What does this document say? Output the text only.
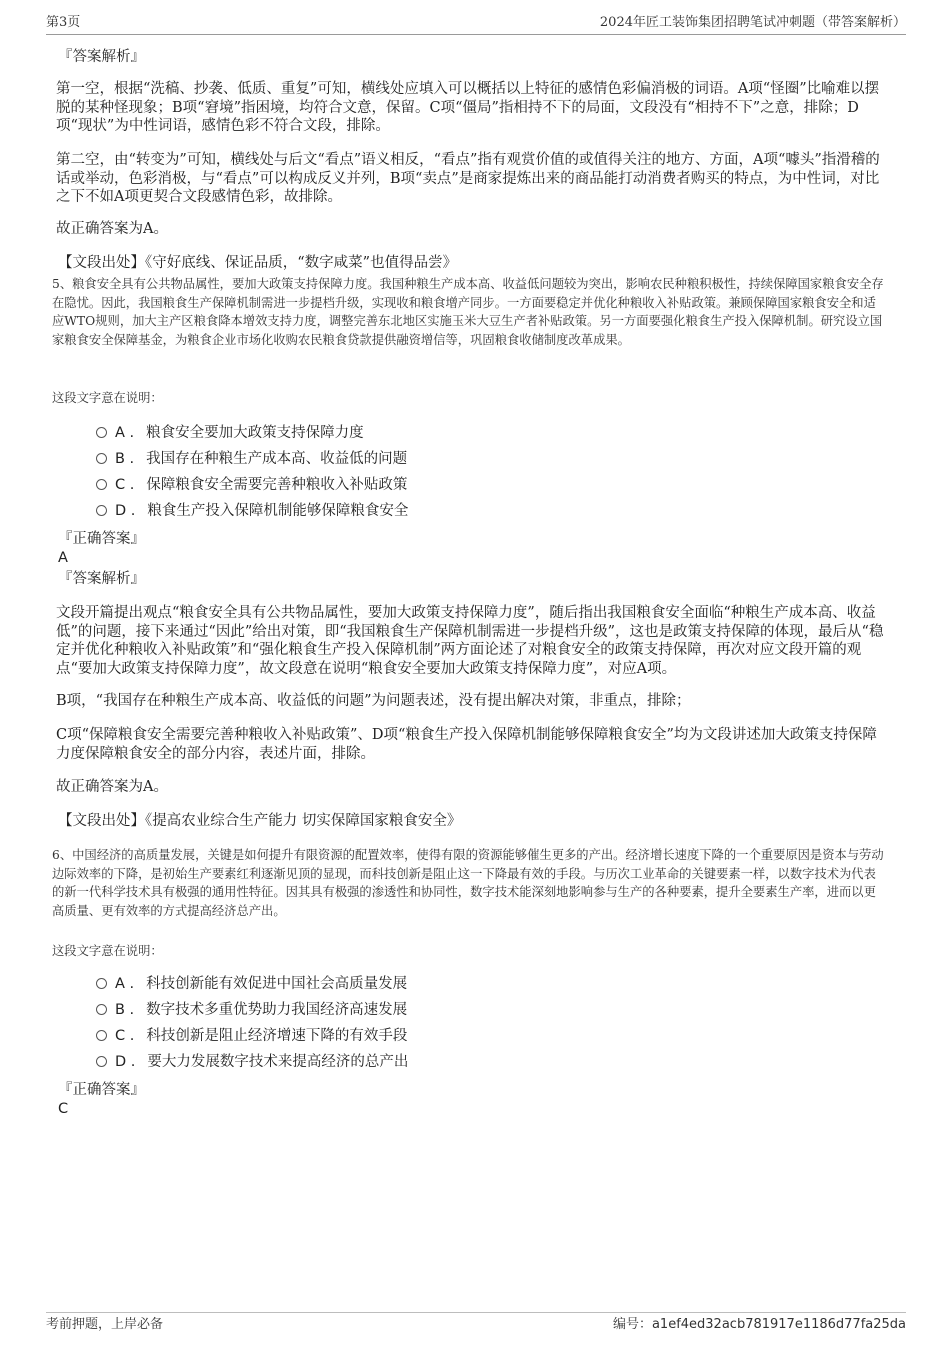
第3页	2024年匠工装饰集团招聘笔试冲刺题（带答案解析）
『答案解析』
第一空，根据“洗稿、抄袭、低质、重复”可知，横线处应填入可以概括以上特征的感情色彩偏消极的词语。A项“怪圈”比喻难以摆脱的某种怪现象；B项“窘境”指困境，均符合文意，保留。C项“僵局”指相持不下的局面，文段没有“相持不下”之意，排除；D项“现状”为中性词语，感情色彩不符合文段，排除。
第二空，由“转变为”可知，横线处与后文“看点”语义相反，“看点”指有观赏价值的或值得关注的地方、方面，A项“噱头”指滑稽的话或举动，色彩消极，与“看点”可以构成反义并列，B项“卖点”是商家提炼出来的商品能打动消费者购买的特点，为中性词，对比之下不如A项更契合文段感情色彩，故排除。
故正确答案为A。
【文段出处】《守好底线、保证品质，“数字咸菜”也值得品尝》
5、粮食安全具有公共物品属性，要加大政策支持保障力度。我国种粮生产成本高、收益低问题较为突出，影响农民种粮积极性，持续保障国家粮食安全存在隐忧。因此，我国粮食生产保障机制需进一步提档升级，实现收和粮食增产同步。一方面要稳定并优化种粮收入补贴政策。兼顾保障国家粮食安全和适应WTO规则，加大主产区粮食降本增效支持力度，调整完善东北地区实施玉米大豆生产者补贴政策。另一方面要强化粮食生产投入保障机制。研究设立国家粮食安全保障基金，为粮食企业市场化收购农民粮食贷款提供融资增信等，巩固粮食收储制度改革成果。
这段文字意在说明：
A . 粮食安全要加大政策支持保障力度
B . 我国存在种粮生产成本高、收益低的问题
C . 保障粮食安全需要完善种粮收入补贴政策
D . 粮食生产投入保障机制能够保障粮食安全
『正确答案』
A
『答案解析』
文段开篇提出观点“粮食安全具有公共物品属性，要加大政策支持保障力度”，随后指出我国粮食安全面临“种粮生产成本高、收益低”的问题，接下来通过“因此”给出对策，即“我国粮食生产保障机制需进一步提档升级”，这也是政策支持保障的体现，最后从“稳定并优化种粮收入补贴政策”和“强化粮食生产投入保障机制”两方面论述了对粮食安全的政策支持保障，再次对应文段开篇的观点“要加大政策支持保障力度”，故文段意在说明“粮食安全要加大政策支持保障力度”，对应A项。
B项，“我国存在种粮生产成本高、收益低的问题”为问题表述，没有提出解决对策，非重点，排除；
C项“保障粮食安全需要完善种粮收入补贴政策”、D项“粮食生产投入保障机制能够保障粮食安全”均为文段讲述加大政策支持保障力度保障粮食安全的部分内容，表述片面，排除。
故正确答案为A。
【文段出处】《提高农业综合生产能力 切实保障国家粮食安全》
6、中国经济的高质量发展，关键是如何提升有限资源的配置效率，使得有限的资源能够催生更多的产出。经济增长速度下降的一个重要原因是资本与劳动边际效率的下降，是初始生产要素红利逐渐见顶的显现，而科技创新是阻止这一下降最有效的手段。与历次工业革命的关键要素一样，以数字技术为代表的新一代科学技术具有极强的通用性特征。因其具有极强的渗透性和协同性，数字技术能深刻地影响参与生产的各种要素，提升全要素生产率，进而以更高质量、更有效率的方式提高经济总产出。
这段文字意在说明：
A . 科技创新能有效促进中国社会高质量发展
B . 数字技术多重优势助力我国经济高速发展
C . 科技创新是阻止经济增速下降的有效手段
D . 要大力发展数字技术来提高经济的总产出
『正确答案』
C
考前押题，上岸必备	编号：a1ef4ed32acb781917e1186d77fa25da
